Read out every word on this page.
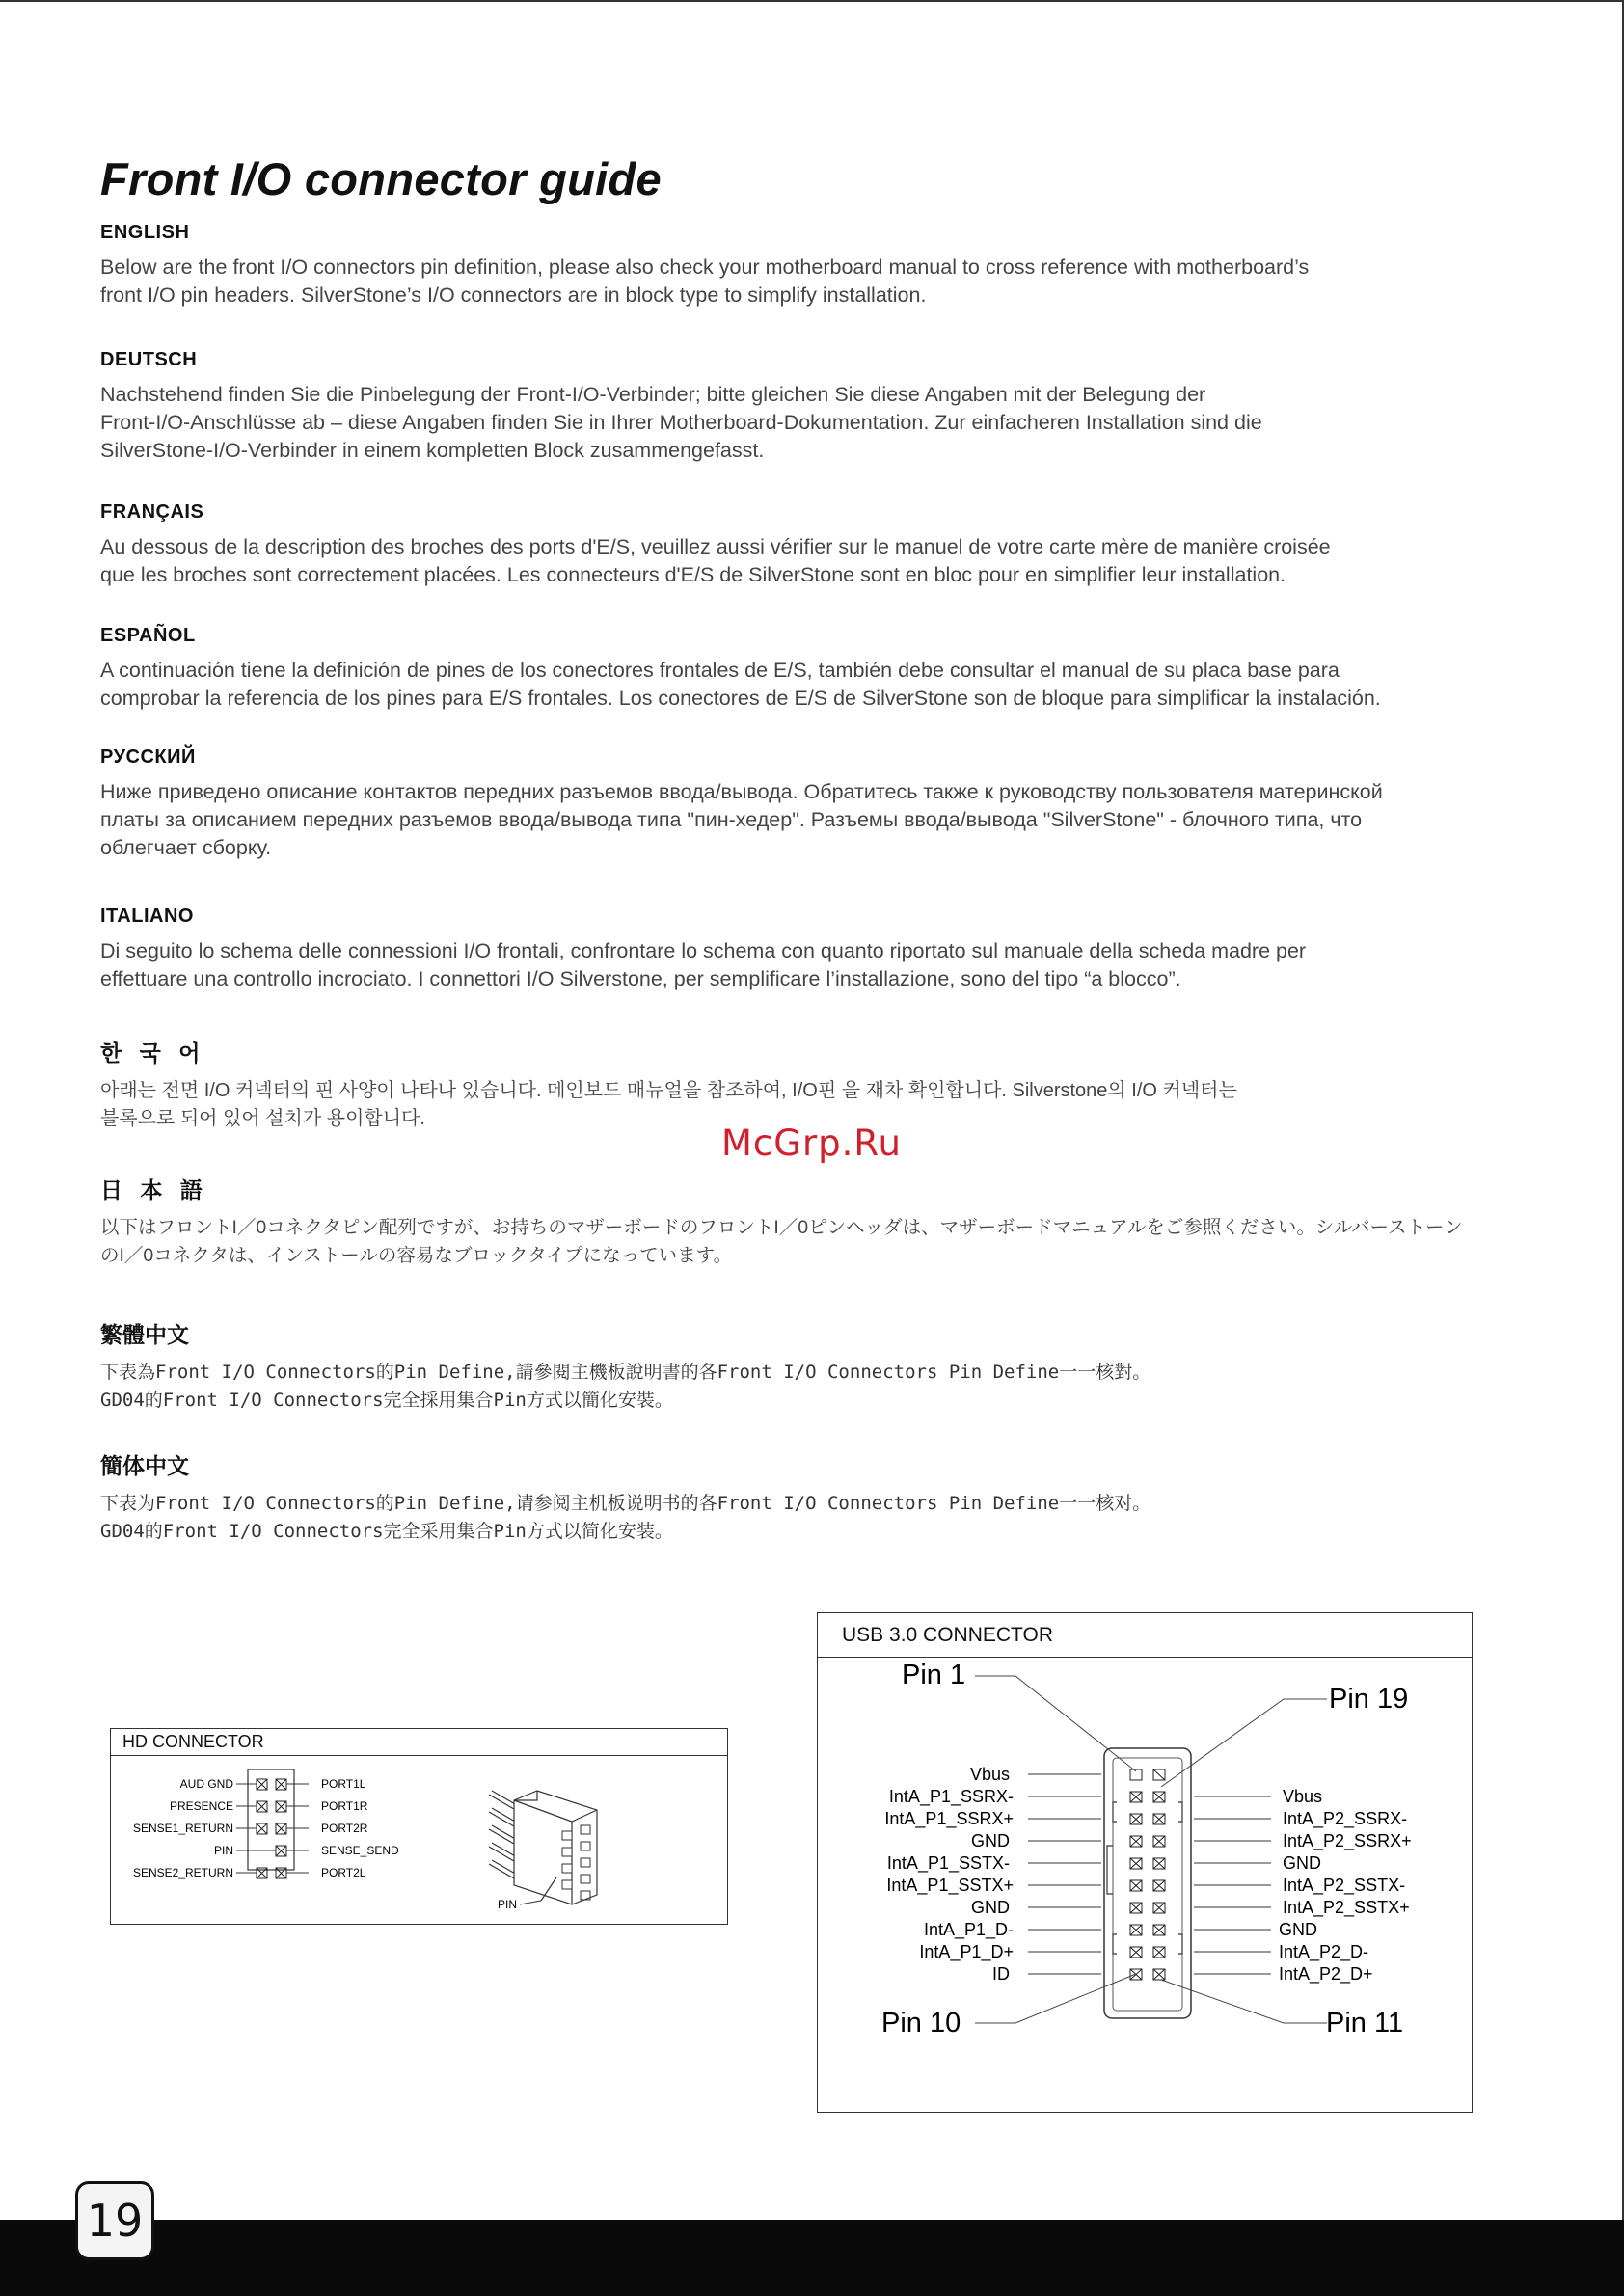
Front I/O connector guide
ENGLISH

Below are the front I/O connectors pin definition, please also check your motherboard manual to cross reference with motherboard’s
front I/O pin headers. SilverStone’s I/O connectors are in block type to simplify installation.

DEUTSCH

Nachstehend finden Sie die Pinbelegung der Front-I/O-Verbinder; bitte gleichen Sie diese Angaben mit der Belegung der
Front-I/O-Anschlüsse ab – diese Angaben finden Sie in Ihrer Motherboard-Dokumentation. Zur einfacheren Installation sind die
SilverStone-I/O-Verbinder in einem kompletten Block zusammengefasst.

FRANÇAIS

Au dessous de la description des broches des ports d'E/S, veuillez aussi vérifier sur le manuel de votre carte mère de manière croisée
que les broches sont correctement placées. Les connecteurs d'E/S de SilverStone sont en bloc pour en simplifier leur installation.

ESPAÑOL

A continuación tiene la definición de pines de los conectores frontales de E/S, también debe consultar el manual de su placa base para
comprobar la referencia de los pines para E/S frontales. Los conectores de E/S de SilverStone son de bloque para simplificar la instalación.

РУССКИЙ

Ниже приведено описание контактов передних разъемов ввода/вывода. Обратитесь также к руководству пользователя материнской
платы за описанием передних разъемов ввода/вывода типа "пин-хедер". Разъемы ввода/вывода "SilverStone" - блочного типа, что
облегчает сборку.

ITALIANO

Di seguito lo schema delle connessioni I/O frontali, confrontare lo schema con quanto riportato sul manuale della scheda madre per
effettuare una controllo incrociato. I connettori I/O Silverstone, per semplificare l’installazione, sono del tipo “a blocco”.

한 국 어

아래는 전면 I/O 커넥터의 핀 사양이 나타나 있습니다. 메인보드 매뉴얼을 참조하여, I/O핀 을 재차 확인합니다. Silverstone의 I/O 커넥터는
블록으로 되어 있어 설치가 용이합니다.

McGrp.Ru
日 本 語

以下はフロントI／0コネクタピン配列ですが、お持ちのマザーボードのフロントI／0ピンヘッダは、マザーボードマニュアルをご参照ください。シルバーストーン
のI／0コネクタは、インストールの容易なブロックタイプになっています。

繁體中文

下表為Front I/O Connectors的Pin Define,請參閱主機板說明書的各Front I/O Connectors Pin Define一一核對。
GD04的Front I/O Connectors完全採用集合Pin方式以簡化安裝。

簡体中文

下表为Front I/O Connectors的Pin Define,请参阅主机板说明书的各Front I/O Connectors Pin Define一一核对。
GD04的Front I/O Connectors完全采用集合Pin方式以简化安装。

HD CONNECTOR
AUD GND
PRESENCE
SENSE1_RETURN
PIN
SENSE2_RETURN
PORT1L
PORT1R
PORT2R
SENSE_SEND
PORT2L
PIN
USB 3.0 CONNECTOR
Pin 1
Pin 19
Pin 10	Pin 11
Vbus
IntA_P1_SSRX-
IntA_P1_SSRX+
GND
IntA_P1_SSTX-
IntA_P1_SSTX+
GND
IntA_P1_D-
IntA_P1_D+
ID
Vbus
IntA_P2_SSRX-
IntA_P2_SSRX+
GND
IntA_P2_SSTX-
IntA_P2_SSTX+
GND
IntA_P2_D-
IntA_P2_D+
19
